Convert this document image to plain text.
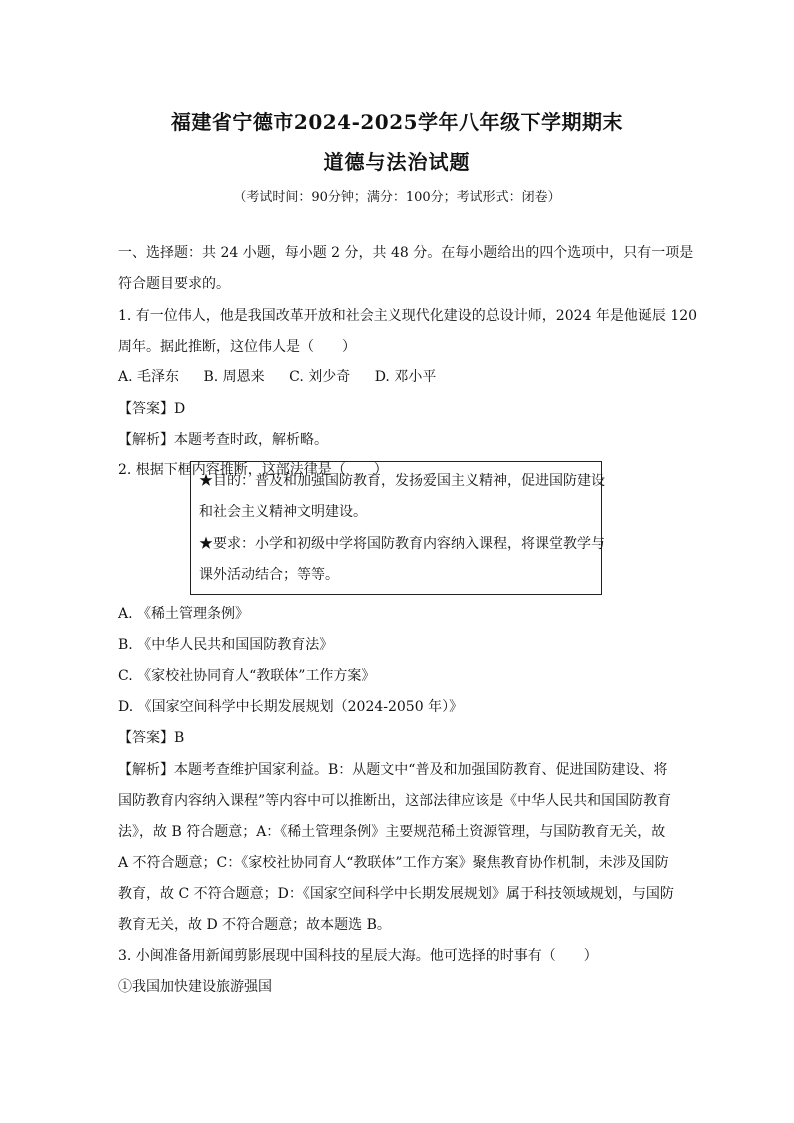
福建省宁德市2024-2025学年八年级下学期期末
道德与法治试题
（考试时间：90分钟；满分：100分；考试形式：闭卷）
一、选择题：共 24 小题，每小题 2 分，共 48 分。在每小题给出的四个选项中，只有一项是
符合题目要求的。
1. 有一位伟人，他是我国改革开放和社会主义现代化建设的总设计师，2024 年是他诞辰 120
周年。据此推断，这位伟人是（　　）
A. 毛泽东 B. 周恩来 C. 刘少奇 D. 邓小平
【答案】D
【解析】本题考查时政，解析略。
2. 根据下框内容推断，这部法律是（　　）
★目的：普及和加强国防教育，发扬爱国主义精神，促进国防建设
和社会主义精神文明建设。
★要求：小学和初级中学将国防教育内容纳入课程，将课堂教学与
课外活动结合；等等。
A. 《稀土管理条例》
B. 《中华人民共和国国防教育法》
C. 《家校社协同育人“教联体”工作方案》
D. 《国家空间科学中长期发展规划（2024-2050 年）》
【答案】B
【解析】本题考查维护国家利益。B：从题文中“普及和加强国防教育、促进国防建设、将
国防教育内容纳入课程”等内容中可以推断出，这部法律应该是《中华人民共和国国防教育
法》，故 B 符合题意；A：《稀土管理条例》主要规范稀土资源管理，与国防教育无关，故
A 不符合题意；C：《家校社协同育人“教联体”工作方案》聚焦教育协作机制，未涉及国防
教育，故 C 不符合题意；D：《国家空间科学中长期发展规划》属于科技领域规划，与国防
教育无关，故 D 不符合题意；故本题选 B。
3. 小闽准备用新闻剪影展现中国科技的星辰大海。他可选择的时事有（　　）
①我国加快建设旅游强国
